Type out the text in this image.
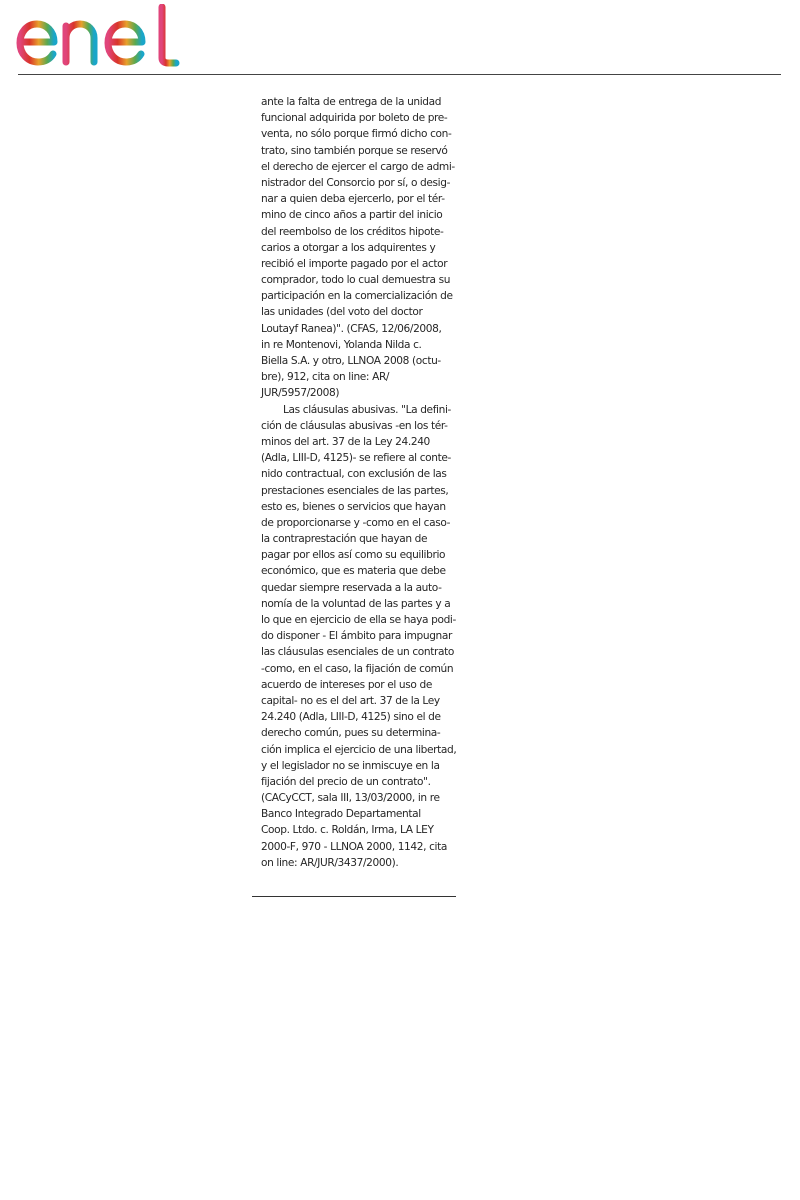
ante la falta de entrega de la unidad
funcional adquirida por boleto de pre-
venta, no sólo porque firmó dicho con-
trato, sino también porque se reservó
el derecho de ejercer el cargo de admi-
nistrador del Consorcio por sí, o desig-
nar a quien deba ejercerlo, por el tér-
mino de cinco años a partir del inicio
del reembolso de los créditos hipote-
carios a otorgar a los adquirentes y
recibió el importe pagado por el actor
comprador, todo lo cual demuestra su
participación en la comercialización de
las unidades (del voto del doctor
Loutayf Ranea)". (CFAS, 12/06/2008,
in re Montenovi, Yolanda Nilda c.
Biella S.A. y otro, LLNOA 2008 (octu-
bre), 912, cita on line: AR/
JUR/5957/2008)
Las cláusulas abusivas. "La defini-
ción de cláusulas abusivas -en los tér-
minos del art. 37 de la Ley 24.240
(Adla, LIII-D, 4125)- se refiere al conte-
nido contractual, con exclusión de las
prestaciones esenciales de las partes,
esto es, bienes o servicios que hayan
de proporcionarse y -como en el caso-
la contraprestación que hayan de
pagar por ellos así como su equilibrio
económico, que es materia que debe
quedar siempre reservada a la auto-
nomía de la voluntad de las partes y a
lo que en ejercicio de ella se haya podi-
do disponer - El ámbito para impugnar
las cláusulas esenciales de un contrato
-como, en el caso, la fijación de común
acuerdo de intereses por el uso de
capital- no es el del art. 37 de la Ley
24.240 (Adla, LIII-D, 4125) sino el de
derecho común, pues su determina-
ción implica el ejercicio de una libertad,
y el legislador no se inmiscuye en la
fijación del precio de un contrato".
(CACyCCT, sala III, 13/03/2000, in re
Banco Integrado Departamental
Coop. Ltdo. c. Roldán, Irma, LA LEY
2000-F, 970 - LLNOA 2000, 1142, cita
on line: AR/JUR/3437/2000).
